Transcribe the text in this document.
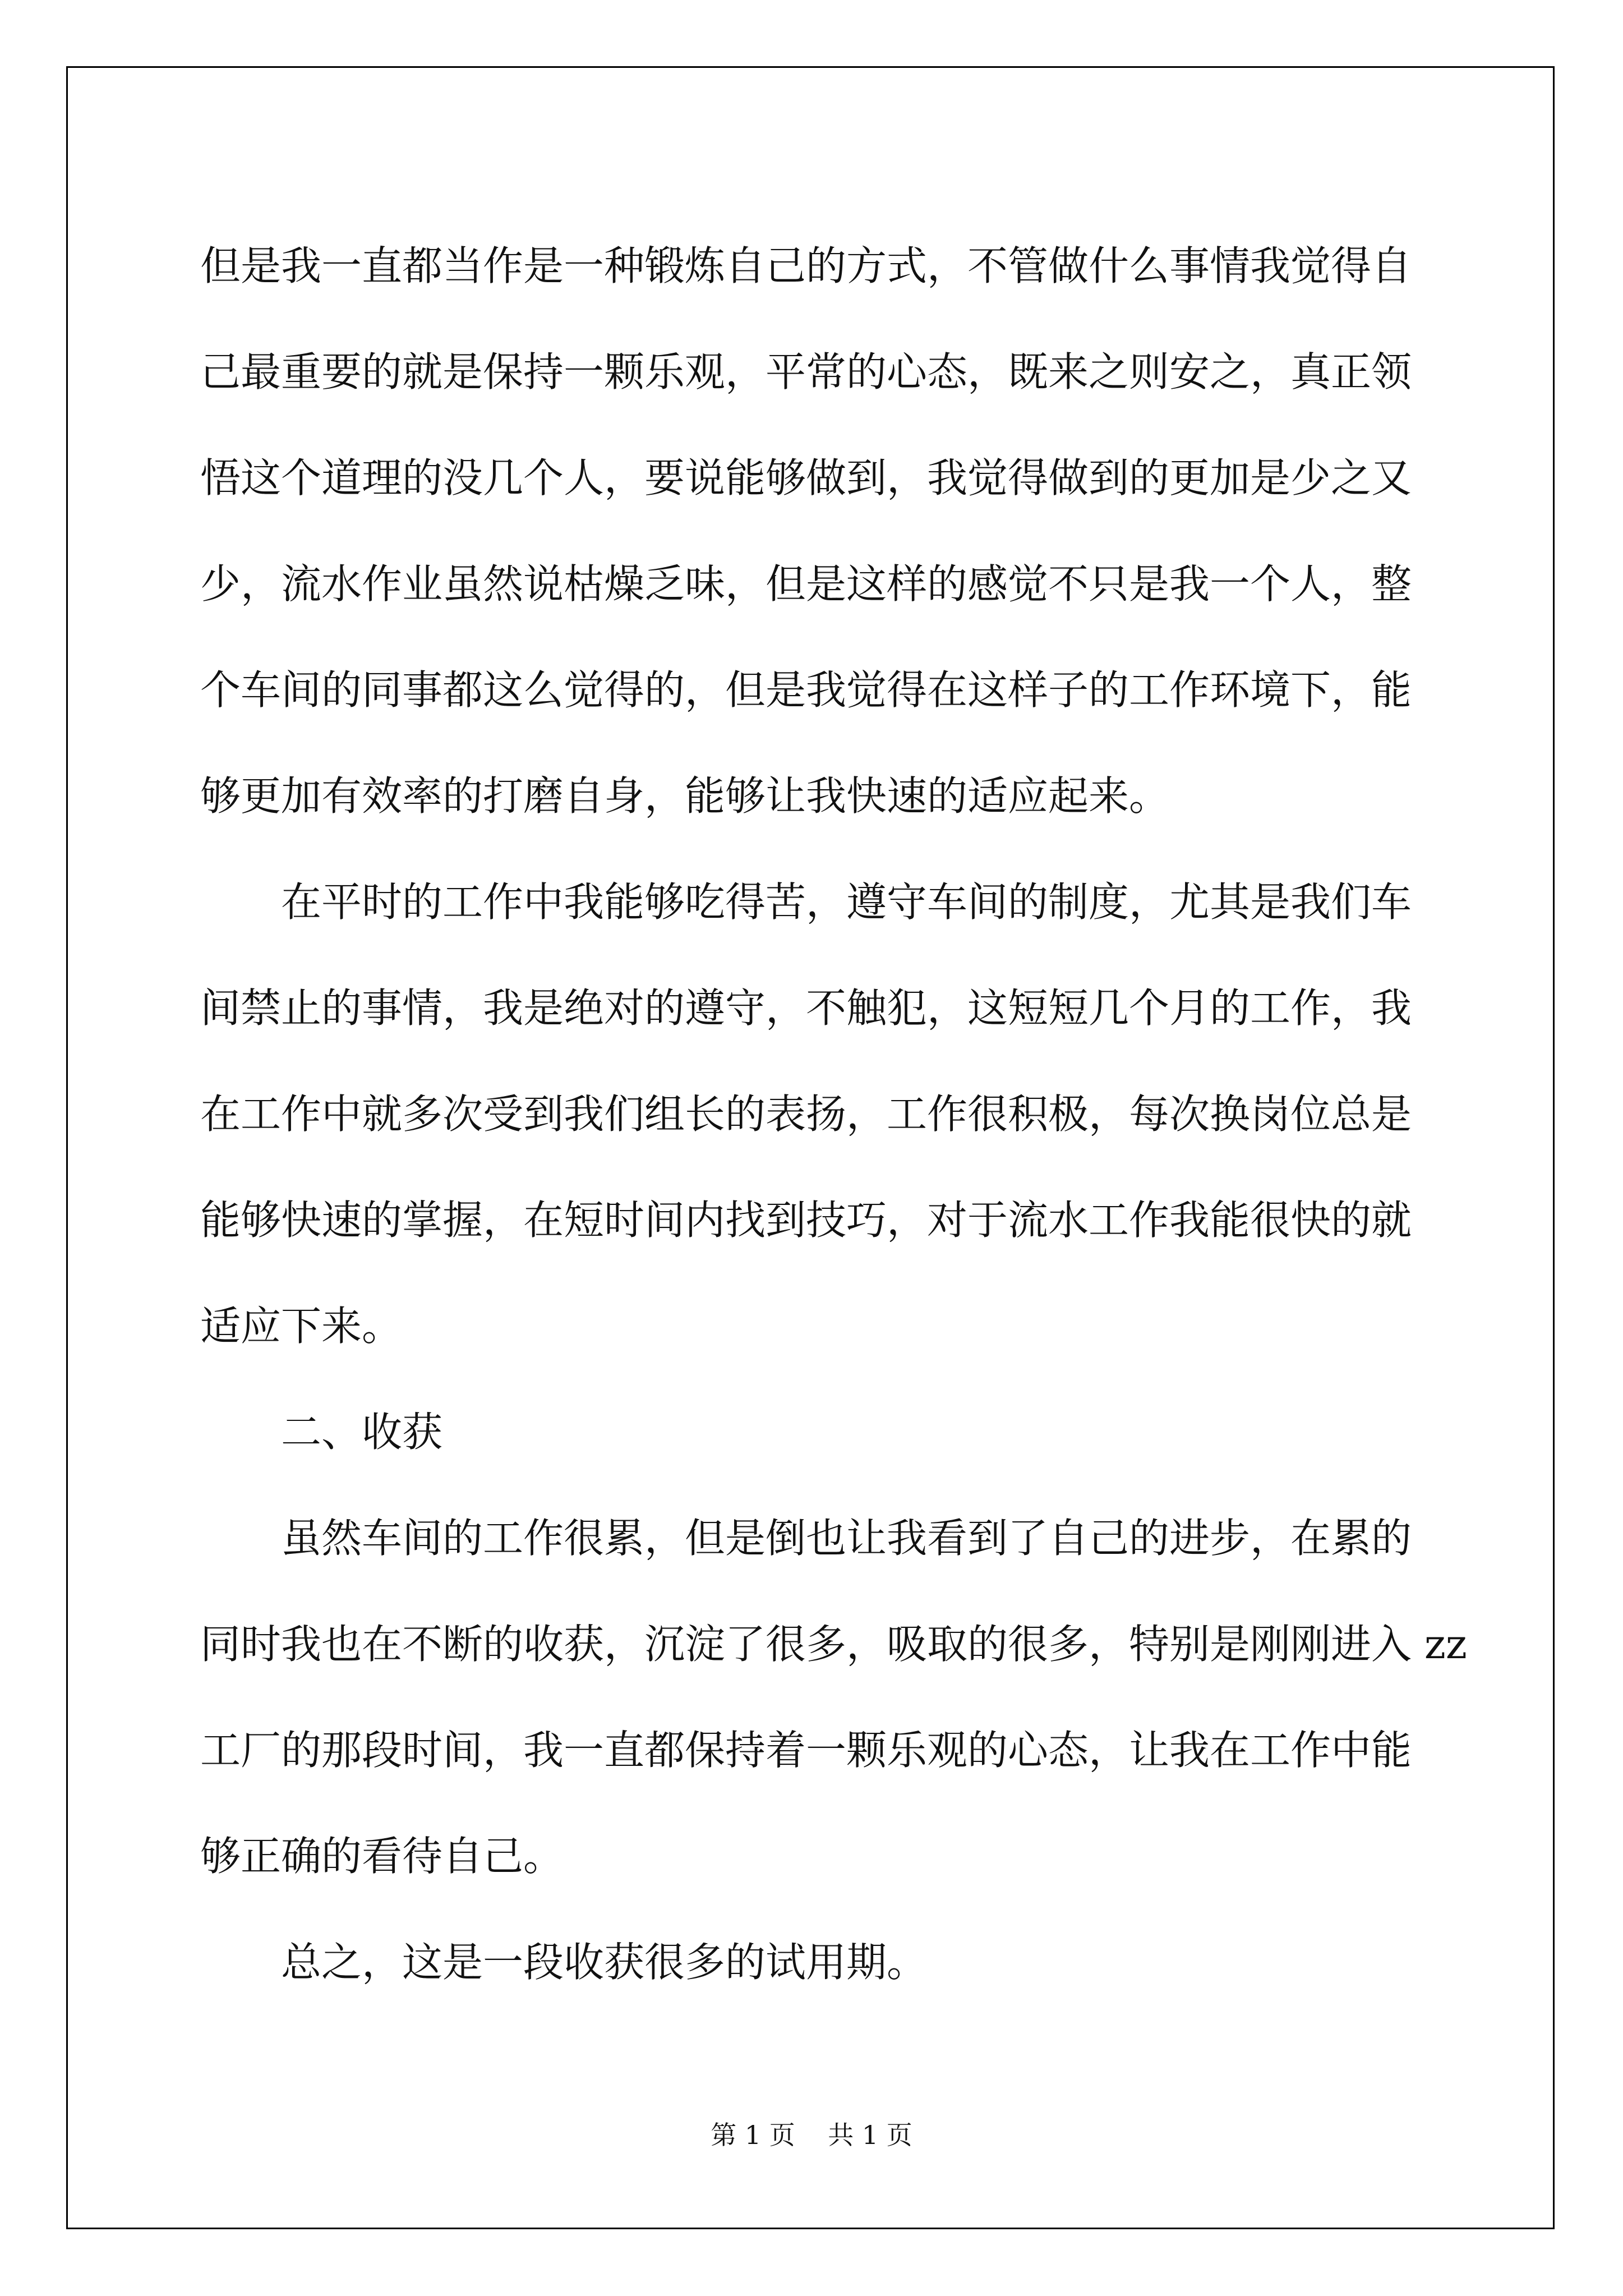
但是我一直都当作是一种锻炼自己的方式，不管做什么事情我觉得自
己最重要的就是保持一颗乐观，平常的心态，既来之则安之，真正领
悟这个道理的没几个人，要说能够做到，我觉得做到的更加是少之又
少，流水作业虽然说枯燥乏味，但是这样的感觉不只是我一个人，整
个车间的同事都这么觉得的，但是我觉得在这样子的工作环境下，能
够更加有效率的打磨自身，能够让我快速的适应起来。

在平时的工作中我能够吃得苦，遵守车间的制度，尤其是我们车
间禁止的事情，我是绝对的遵守，不触犯，这短短几个月的工作，我
在工作中就多次受到我们组长的表扬，工作很积极，每次换岗位总是
能够快速的掌握，在短时间内找到技巧，对于流水工作我能很快的就
适应下来。

二、收获

虽然车间的工作很累，但是倒也让我看到了自己的进步，在累的
同时我也在不断的收获，沉淀了很多，吸取的很多，特别是刚刚进入 zz
工厂的那段时间，我一直都保持着一颗乐观的心态，让我在工作中能
够正确的看待自己。

总之，这是一段收获很多的试用期。

第 1 页    共 1 页
